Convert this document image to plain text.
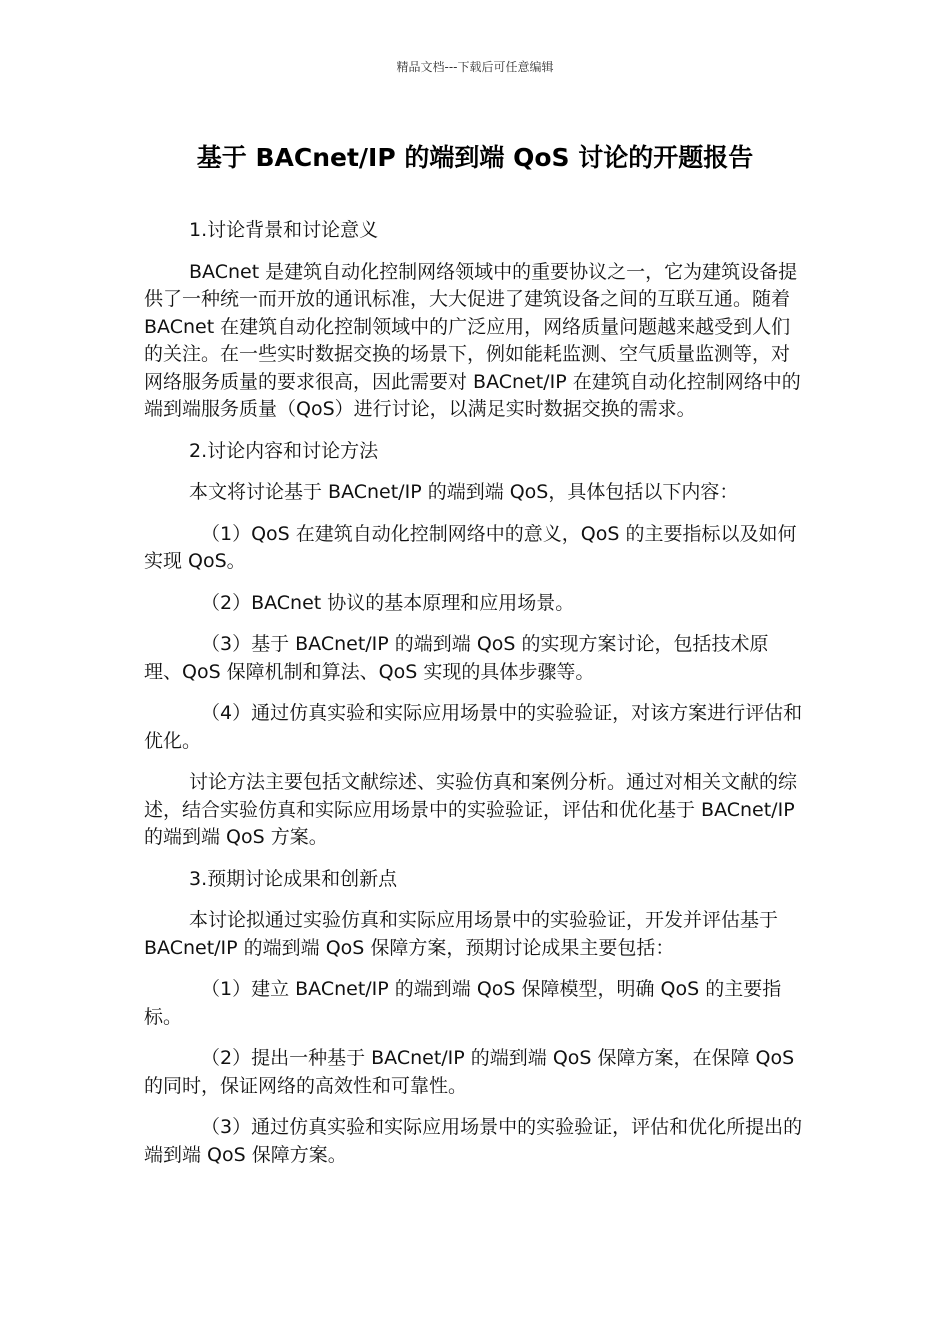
精品文档---下载后可任意编辑
基于 BACnet/IP 的端到端 QoS 讨论的开题报告

1.讨论背景和讨论意义

BACnet 是建筑自动化控制网络领域中的重要协议之一，它为建筑设备提供了一种统一而开放的通讯标准，大大促进了建筑设备之间的互联互通。随着 BACnet 在建筑自动化控制领域中的广泛应用，网络质量问题越来越受到人们的关注。在一些实时数据交换的场景下，例如能耗监测、空气质量监测等，对网络服务质量的要求很高，因此需要对 BACnet/IP 在建筑自动化控制网络中的端到端服务质量（QoS）进行讨论，以满足实时数据交换的需求。

2.讨论内容和讨论方法

本文将讨论基于 BACnet/IP 的端到端 QoS，具体包括以下内容：

（1）QoS 在建筑自动化控制网络中的意义，QoS 的主要指标以及如何实现 QoS。

（2）BACnet 协议的基本原理和应用场景。

（3）基于 BACnet/IP 的端到端 QoS 的实现方案讨论，包括技术原理、QoS 保障机制和算法、QoS 实现的具体步骤等。

（4）通过仿真实验和实际应用场景中的实验验证，对该方案进行评估和优化。

讨论方法主要包括文献综述、实验仿真和案例分析。通过对相关文献的综述，结合实验仿真和实际应用场景中的实验验证，评估和优化基于 BACnet/IP 的端到端 QoS 方案。

3.预期讨论成果和创新点

本讨论拟通过实验仿真和实际应用场景中的实验验证，开发并评估基于 BACnet/IP 的端到端 QoS 保障方案，预期讨论成果主要包括：

（1）建立 BACnet/IP 的端到端 QoS 保障模型，明确 QoS 的主要指标。

（2）提出一种基于 BACnet/IP 的端到端 QoS 保障方案，在保障 QoS 的同时，保证网络的高效性和可靠性。

（3）通过仿真实验和实际应用场景中的实验验证，评估和优化所提出的端到端 QoS 保障方案。
